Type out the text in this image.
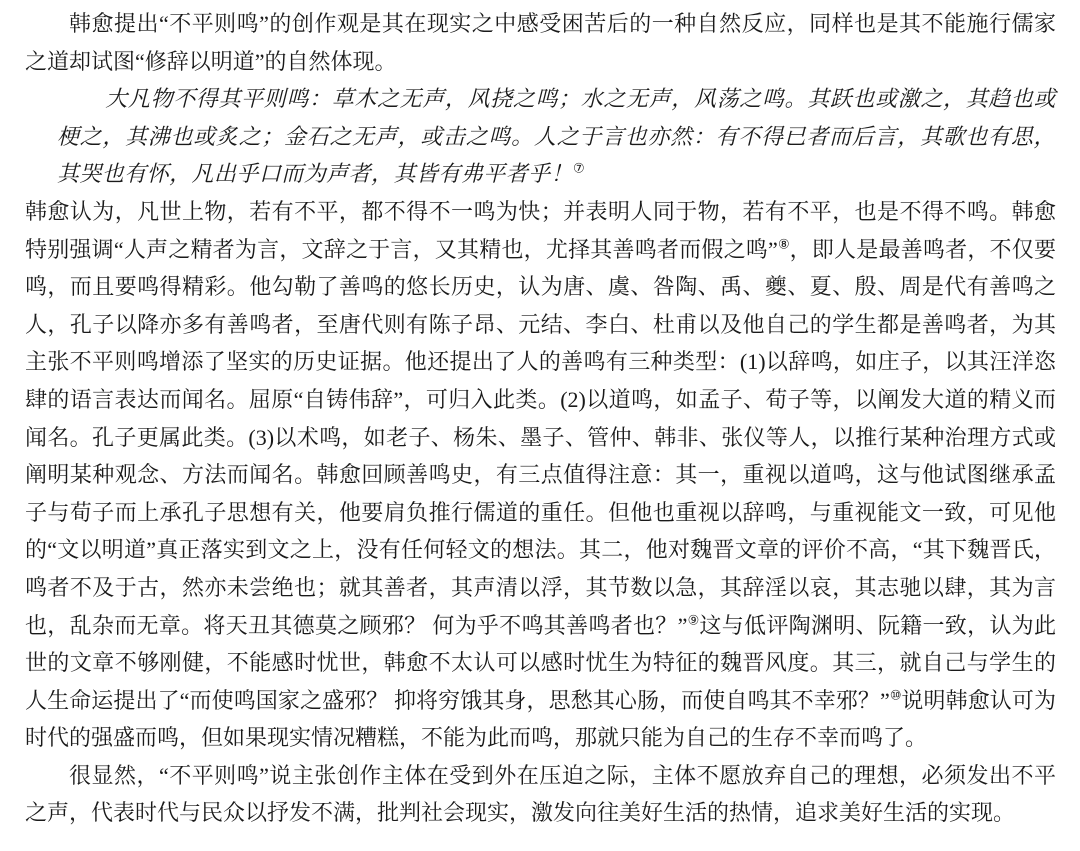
韩愈提出“不平则鸣”的创作观是其在现实之中感受困苦后的一种自然反应，同样也是其不能施行儒家之道却试图“修辞以明道”的自然体现。

大凡物不得其平则鸣：草木之无声，风挠之鸣；水之无声，风荡之鸣。其跃也或激之，其趋也或梗之，其沸也或炙之；金石之无声，或击之鸣。人之于言也亦然：有不得已者而后言，其歌也有思，其哭也有怀，凡出乎口而为声者，其皆有弗平者乎！⑦

韩愈认为，凡世上物，若有不平，都不得不一鸣为快；并表明人同于物，若有不平，也是不得不鸣。韩愈特别强调“人声之精者为言，文辞之于言，又其精也，尤择其善鸣者而假之鸣”⑧，即人是最善鸣者，不仅要鸣，而且要鸣得精彩。他勾勒了善鸣的悠长历史，认为唐、虞、咎陶、禹、夔、夏、殷、周是代有善鸣之人，孔子以降亦多有善鸣者，至唐代则有陈子昂、元结、李白、杜甫以及他自己的学生都是善鸣者，为其主张不平则鸣增添了坚实的历史证据。他还提出了人的善鸣有三种类型：(1)以辞鸣，如庄子，以其汪洋恣肆的语言表达而闻名。屈原“自铸伟辞”，可归入此类。(2)以道鸣，如孟子、荀子等，以阐发大道的精义而闻名。孔子更属此类。(3)以术鸣，如老子、杨朱、墨子、管仲、韩非、张仪等人，以推行某种治理方式或阐明某种观念、方法而闻名。韩愈回顾善鸣史，有三点值得注意：其一，重视以道鸣，这与他试图继承孟子与荀子而上承孔子思想有关，他要肩负推行儒道的重任。但他也重视以辞鸣，与重视能文一致，可见他的“文以明道”真正落实到文之上，没有任何轻文的想法。其二，他对魏晋文章的评价不高，“其下魏晋氏，鸣者不及于古，然亦未尝绝也；就其善者，其声清以浮，其节数以急，其辞淫以哀，其志驰以肆，其为言也，乱杂而无章。将天丑其德莫之顾邪？ 何为乎不鸣其善鸣者也？”⑨这与低评陶渊明、阮籍一致，认为此世的文章不够刚健，不能感时忧世，韩愈不太认可以感时忧生为特征的魏晋风度。其三，就自己与学生的人生命运提出了“而使鸣国家之盛邪？ 抑将穷饿其身，思愁其心肠，而使自鸣其不幸邪？”⑩说明韩愈认可为时代的强盛而鸣，但如果现实情况糟糕，不能为此而鸣，那就只能为自己的生存不幸而鸣了。

很显然，“不平则鸣”说主张创作主体在受到外在压迫之际，主体不愿放弃自己的理想，必须发出不平之声，代表时代与民众以抒发不满，批判社会现实，激发向往美好生活的热情，追求美好生活的实现。
